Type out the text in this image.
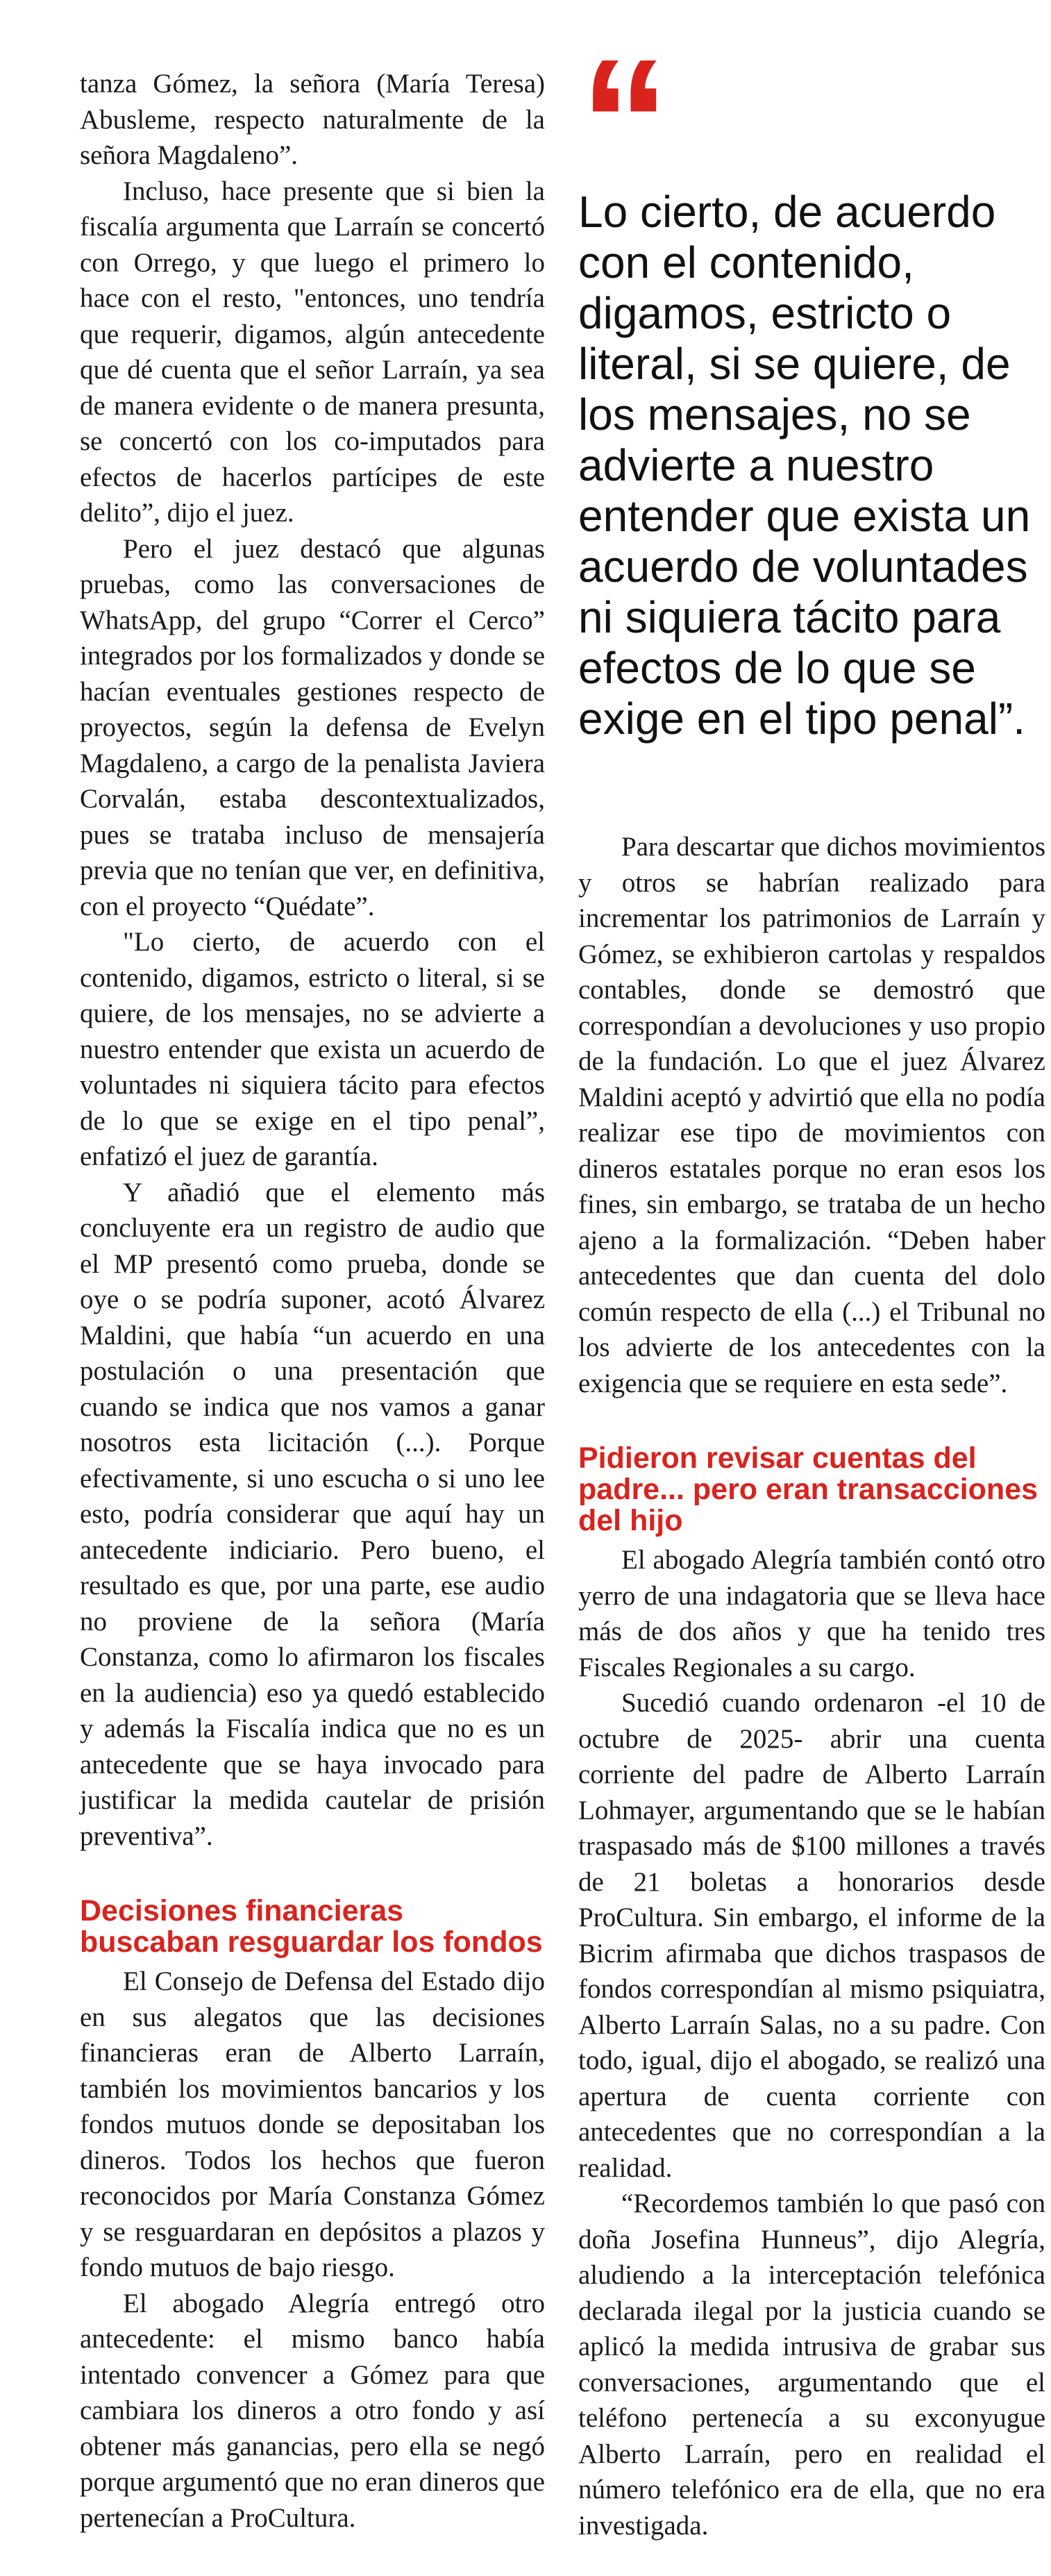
tanza Gómez, la señora (María Teresa) Abusleme, respecto naturalmente de la señora Magdaleno”.

Incluso, hace presente que si bien la fiscalía argumenta que Larraín se concertó con Orrego, y que luego el primero lo hace con el resto, "entonces, uno tendría que requerir, digamos, algún antecedente que dé cuenta que el señor Larraín, ya sea de manera evidente o de manera presunta, se concertó con los co-imputados para efectos de hacerlos partícipes de este delito”, dijo el juez.

Pero el juez destacó que algunas pruebas, como las conversaciones de WhatsApp, del grupo “Correr el Cerco” integrados por los formalizados y donde se hacían eventuales gestiones respecto de proyectos, según la defensa de Evelyn Magdaleno, a cargo de la penalista Javiera Corvalán, estaba descontextualizados, pues se trataba incluso de mensajería previa que no tenían que ver, en definitiva, con el proyecto “Quédate”.

"Lo cierto, de acuerdo con el contenido, digamos, estricto o literal, si se quiere, de los mensajes, no se advierte a nuestro entender que exista un acuerdo de voluntades ni siquiera tácito para efectos de lo que se exige en el tipo penal”, enfatizó el juez de garantía.

Y añadió que el elemento más concluyente era un registro de audio que el MP presentó como prueba, donde se oye o se podría suponer, acotó Álvarez Maldini, que había “un acuerdo en una postulación o una presentación que cuando se indica que nos vamos a ganar nosotros esta licitación (...). Porque efectivamente, si uno escucha o si uno lee esto, podría considerar que aquí hay un antecedente indiciario. Pero bueno, el resultado es que, por una parte, ese audio no proviene de la señora (María Constanza, como lo afirmaron los fiscales en la audiencia) eso ya quedó establecido y además la Fiscalía indica que no es un antecedente que se haya invocado para justificar la medida cautelar de prisión preventiva”.

Decisiones financieras buscaban resguardar los fondos

El Consejo de Defensa del Estado dijo en sus alegatos que las decisiones financieras eran de Alberto Larraín, también los movimientos bancarios y los fondos mutuos donde se depositaban los dineros. Todos los hechos que fueron reconocidos por María Constanza Gómez y se resguardaran en depósitos a plazos y fondo mutuos de bajo riesgo.

El abogado Alegría entregó otro antecedente: el mismo banco había intentado convencer a Gómez para que cambiara los dineros a otro fondo y así obtener más ganancias, pero ella se negó porque argumentó que no eran dineros que pertenecían a ProCultura.

“

Lo cierto, de acuerdo con el contenido, digamos, estricto o literal, si se quiere, de los mensajes, no se advierte a nuestro entender que exista un acuerdo de voluntades ni siquiera tácito para efectos de lo que se exige en el tipo penal”.

Para descartar que dichos movimientos y otros se habrían realizado para incrementar los patrimonios de Larraín y Gómez, se exhibieron cartolas y respaldos contables, donde se demostró que correspondían a devoluciones y uso propio de la fundación. Lo que el juez Álvarez Maldini aceptó y advirtió que ella no podía realizar ese tipo de movimientos con dineros estatales porque no eran esos los fines, sin embargo, se trataba de un hecho ajeno a la formalización. “Deben haber antecedentes que dan cuenta del dolo común respecto de ella (...) el Tribunal no los advierte de los antecedentes con la exigencia que se requiere en esta sede”.

Pidieron revisar cuentas del padre... pero eran transacciones del hijo

El abogado Alegría también contó otro yerro de una indagatoria que se lleva hace más de dos años y que ha tenido tres Fiscales Regionales a su cargo.

Sucedió cuando ordenaron -el 10 de octubre de 2025- abrir una cuenta corriente del padre de Alberto Larraín Lohmayer, argumentando que se le habían traspasado más de $100 millones a través de 21 boletas a honorarios desde ProCultura. Sin embargo, el informe de la Bicrim afirmaba que dichos traspasos de fondos correspondían al mismo psiquiatra, Alberto Larraín Salas, no a su padre. Con todo, igual, dijo el abogado, se realizó una apertura de cuenta corriente con antecedentes que no correspondían a la realidad.

“Recordemos también lo que pasó con doña Josefina Hunneus”, dijo Alegría, aludiendo a la interceptación telefónica declarada ilegal por la justicia cuando se aplicó la medida intrusiva de grabar sus conversaciones, argumentando que el teléfono pertenecía a su exconyugue Alberto Larraín, pero en realidad el número telefónico era de ella, que no era investigada.
